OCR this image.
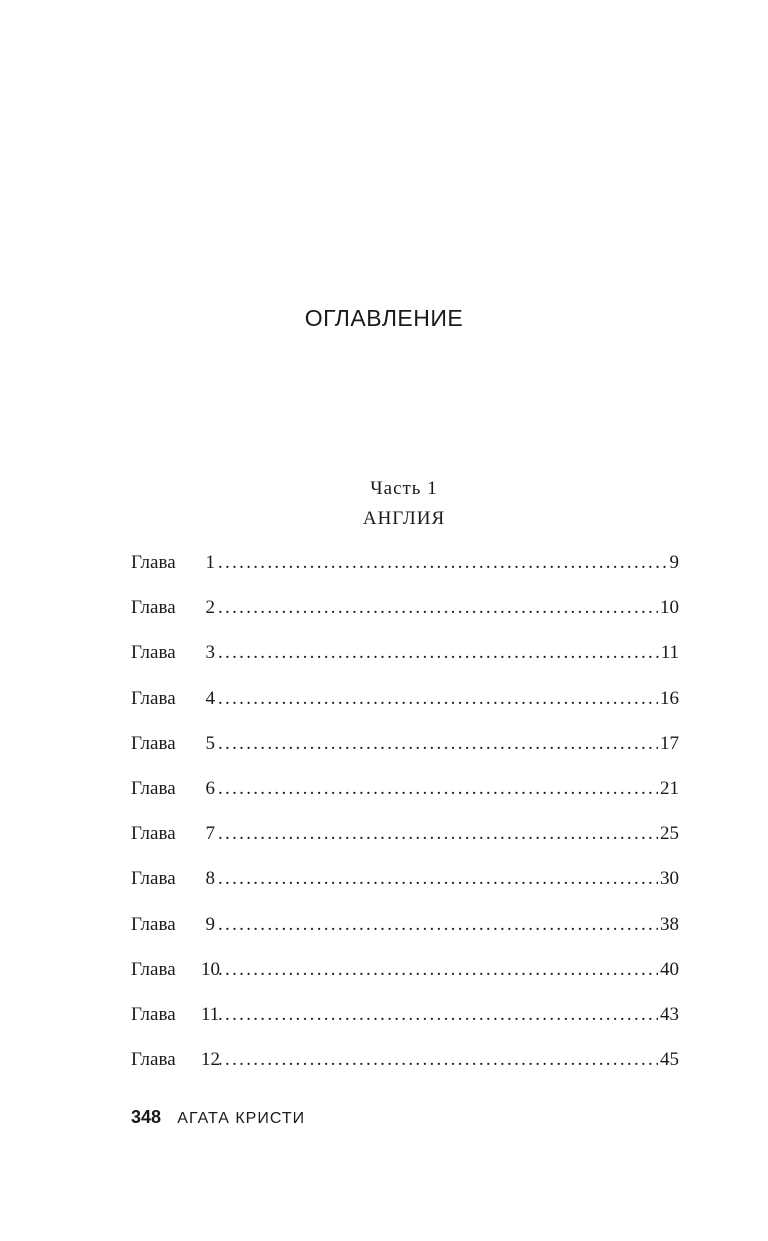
ОГЛАВЛЕНИЕ
Часть 1
АНГЛИЯ
Глава	1 .....	9
Глава	2 .....	10
Глава	3 .....	11
Глава	4 .....	16
Глава	5 .....	17
Глава	6 .....	21
Глава	7 .....	25
Глава	8 .....	30
Глава	9 .....	38
Глава	10 .....	40
Глава	11 .....	43
Глава	12 .....	45
348 АГАТА КРИСТИ
